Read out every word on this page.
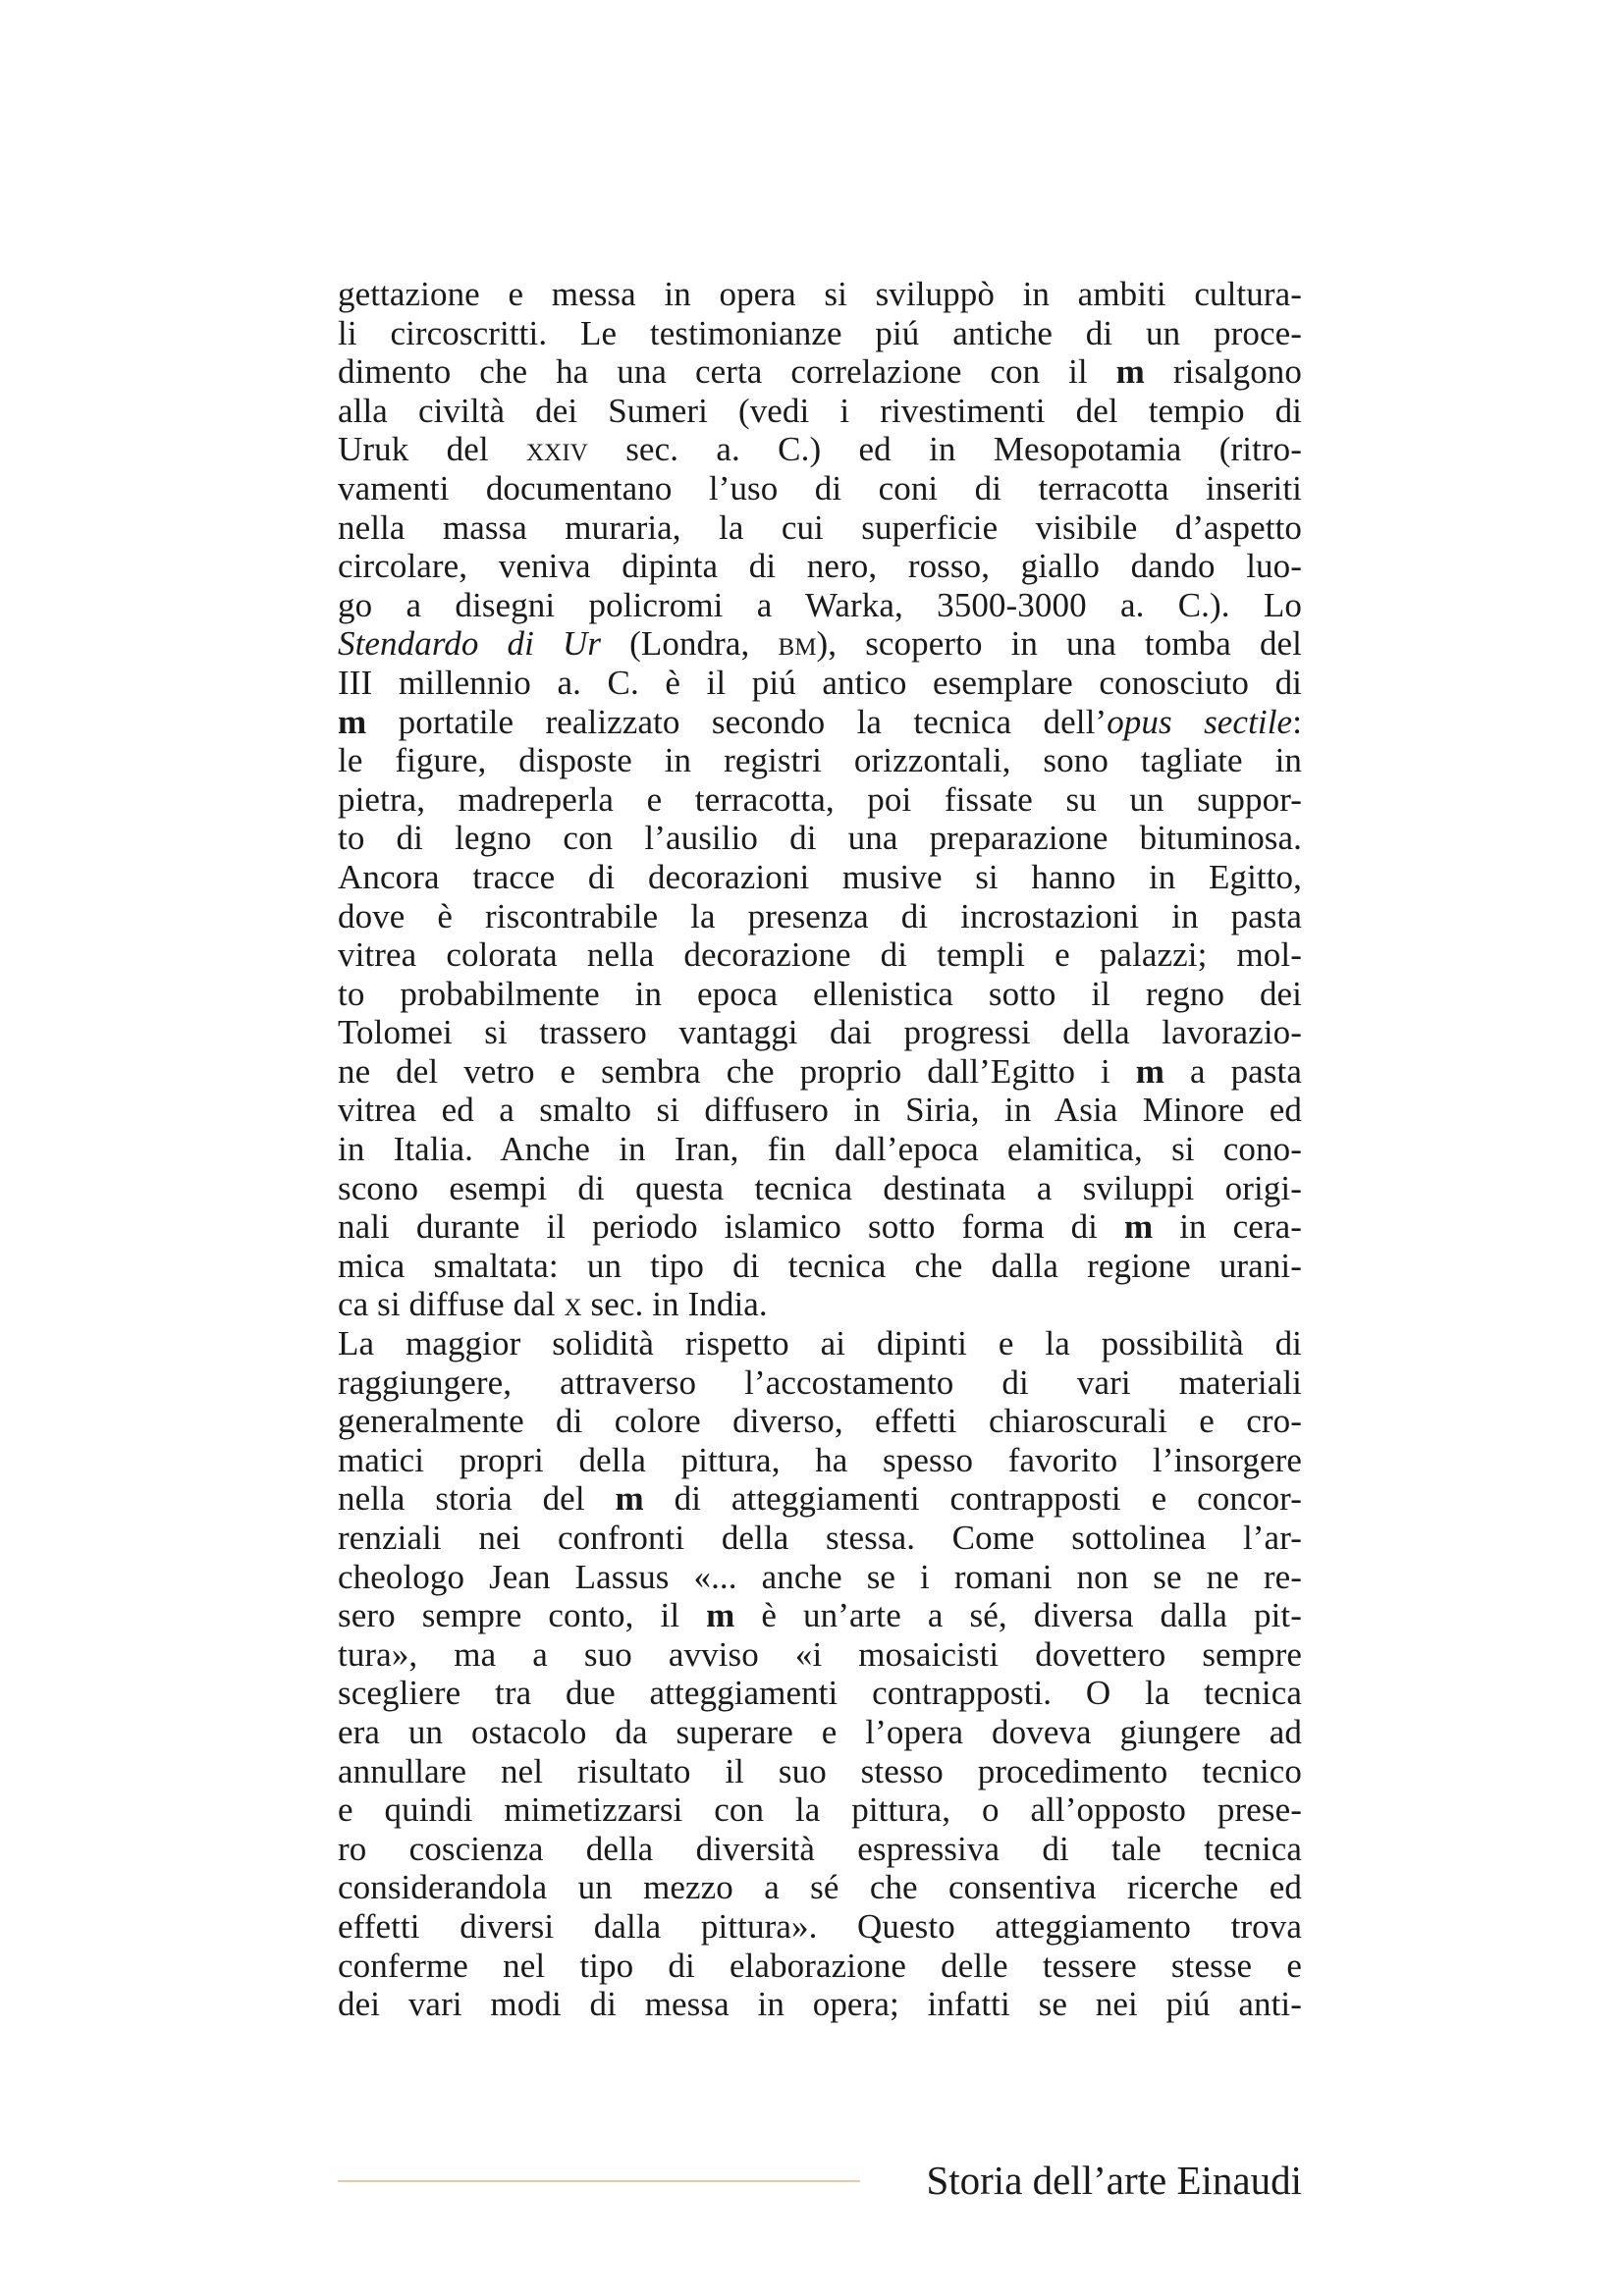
gettazione e messa in opera si sviluppò in ambiti cultura-
li circoscritti. Le testimonianze piú antiche di un proce-
dimento che ha una certa correlazione con il m risalgono
alla civiltà dei Sumeri (vedi i rivestimenti del tempio di
Uruk del xxiv sec. a. C.) ed in Mesopotamia (ritro-
vamenti documentano l’uso di coni di terracotta inseriti
nella massa muraria, la cui superficie visibile d’aspetto
circolare, veniva dipinta di nero, rosso, giallo dando luo-
go a disegni policromi a Warka, 3500-3000 a. C.). Lo
Stendardo di Ur (Londra, bm), scoperto in una tomba del
III millennio a. C. è il piú antico esemplare conosciuto di
m portatile realizzato secondo la tecnica dell’opus sectile:
le figure, disposte in registri orizzontali, sono tagliate in
pietra, madreperla e terracotta, poi fissate su un suppor-
to di legno con l’ausilio di una preparazione bituminosa.
Ancora tracce di decorazioni musive si hanno in Egitto,
dove è riscontrabile la presenza di incrostazioni in pasta
vitrea colorata nella decorazione di templi e palazzi; mol-
to probabilmente in epoca ellenistica sotto il regno dei
Tolomei si trassero vantaggi dai progressi della lavorazio-
ne del vetro e sembra che proprio dall’Egitto i m a pasta
vitrea ed a smalto si diffusero in Siria, in Asia Minore ed
in Italia. Anche in Iran, fin dall’epoca elamitica, si cono-
scono esempi di questa tecnica destinata a sviluppi origi-
nali durante il periodo islamico sotto forma di m in cera-
mica smaltata: un tipo di tecnica che dalla regione urani-
ca si diffuse dal x sec. in India.
La maggior solidità rispetto ai dipinti e la possibilità di
raggiungere, attraverso l’accostamento di vari materiali
generalmente di colore diverso, effetti chiaroscurali e cro-
matici propri della pittura, ha spesso favorito l’insorgere
nella storia del m di atteggiamenti contrapposti e concor-
renziali nei confronti della stessa. Come sottolinea l’ar-
cheologo Jean Lassus «... anche se i romani non se ne re-
sero sempre conto, il m è un’arte a sé, diversa dalla pit-
tura», ma a suo avviso «i mosaicisti dovettero sempre
scegliere tra due atteggiamenti contrapposti. O la tecnica
era un ostacolo da superare e l’opera doveva giungere ad
annullare nel risultato il suo stesso procedimento tecnico
e quindi mimetizzarsi con la pittura, o all’opposto prese-
ro coscienza della diversità espressiva di tale tecnica
considerandola un mezzo a sé che consentiva ricerche ed
effetti diversi dalla pittura». Questo atteggiamento trova
conferme nel tipo di elaborazione delle tessere stesse e
dei vari modi di messa in opera; infatti se nei piú anti-
Storia dell’arte Einaudi
